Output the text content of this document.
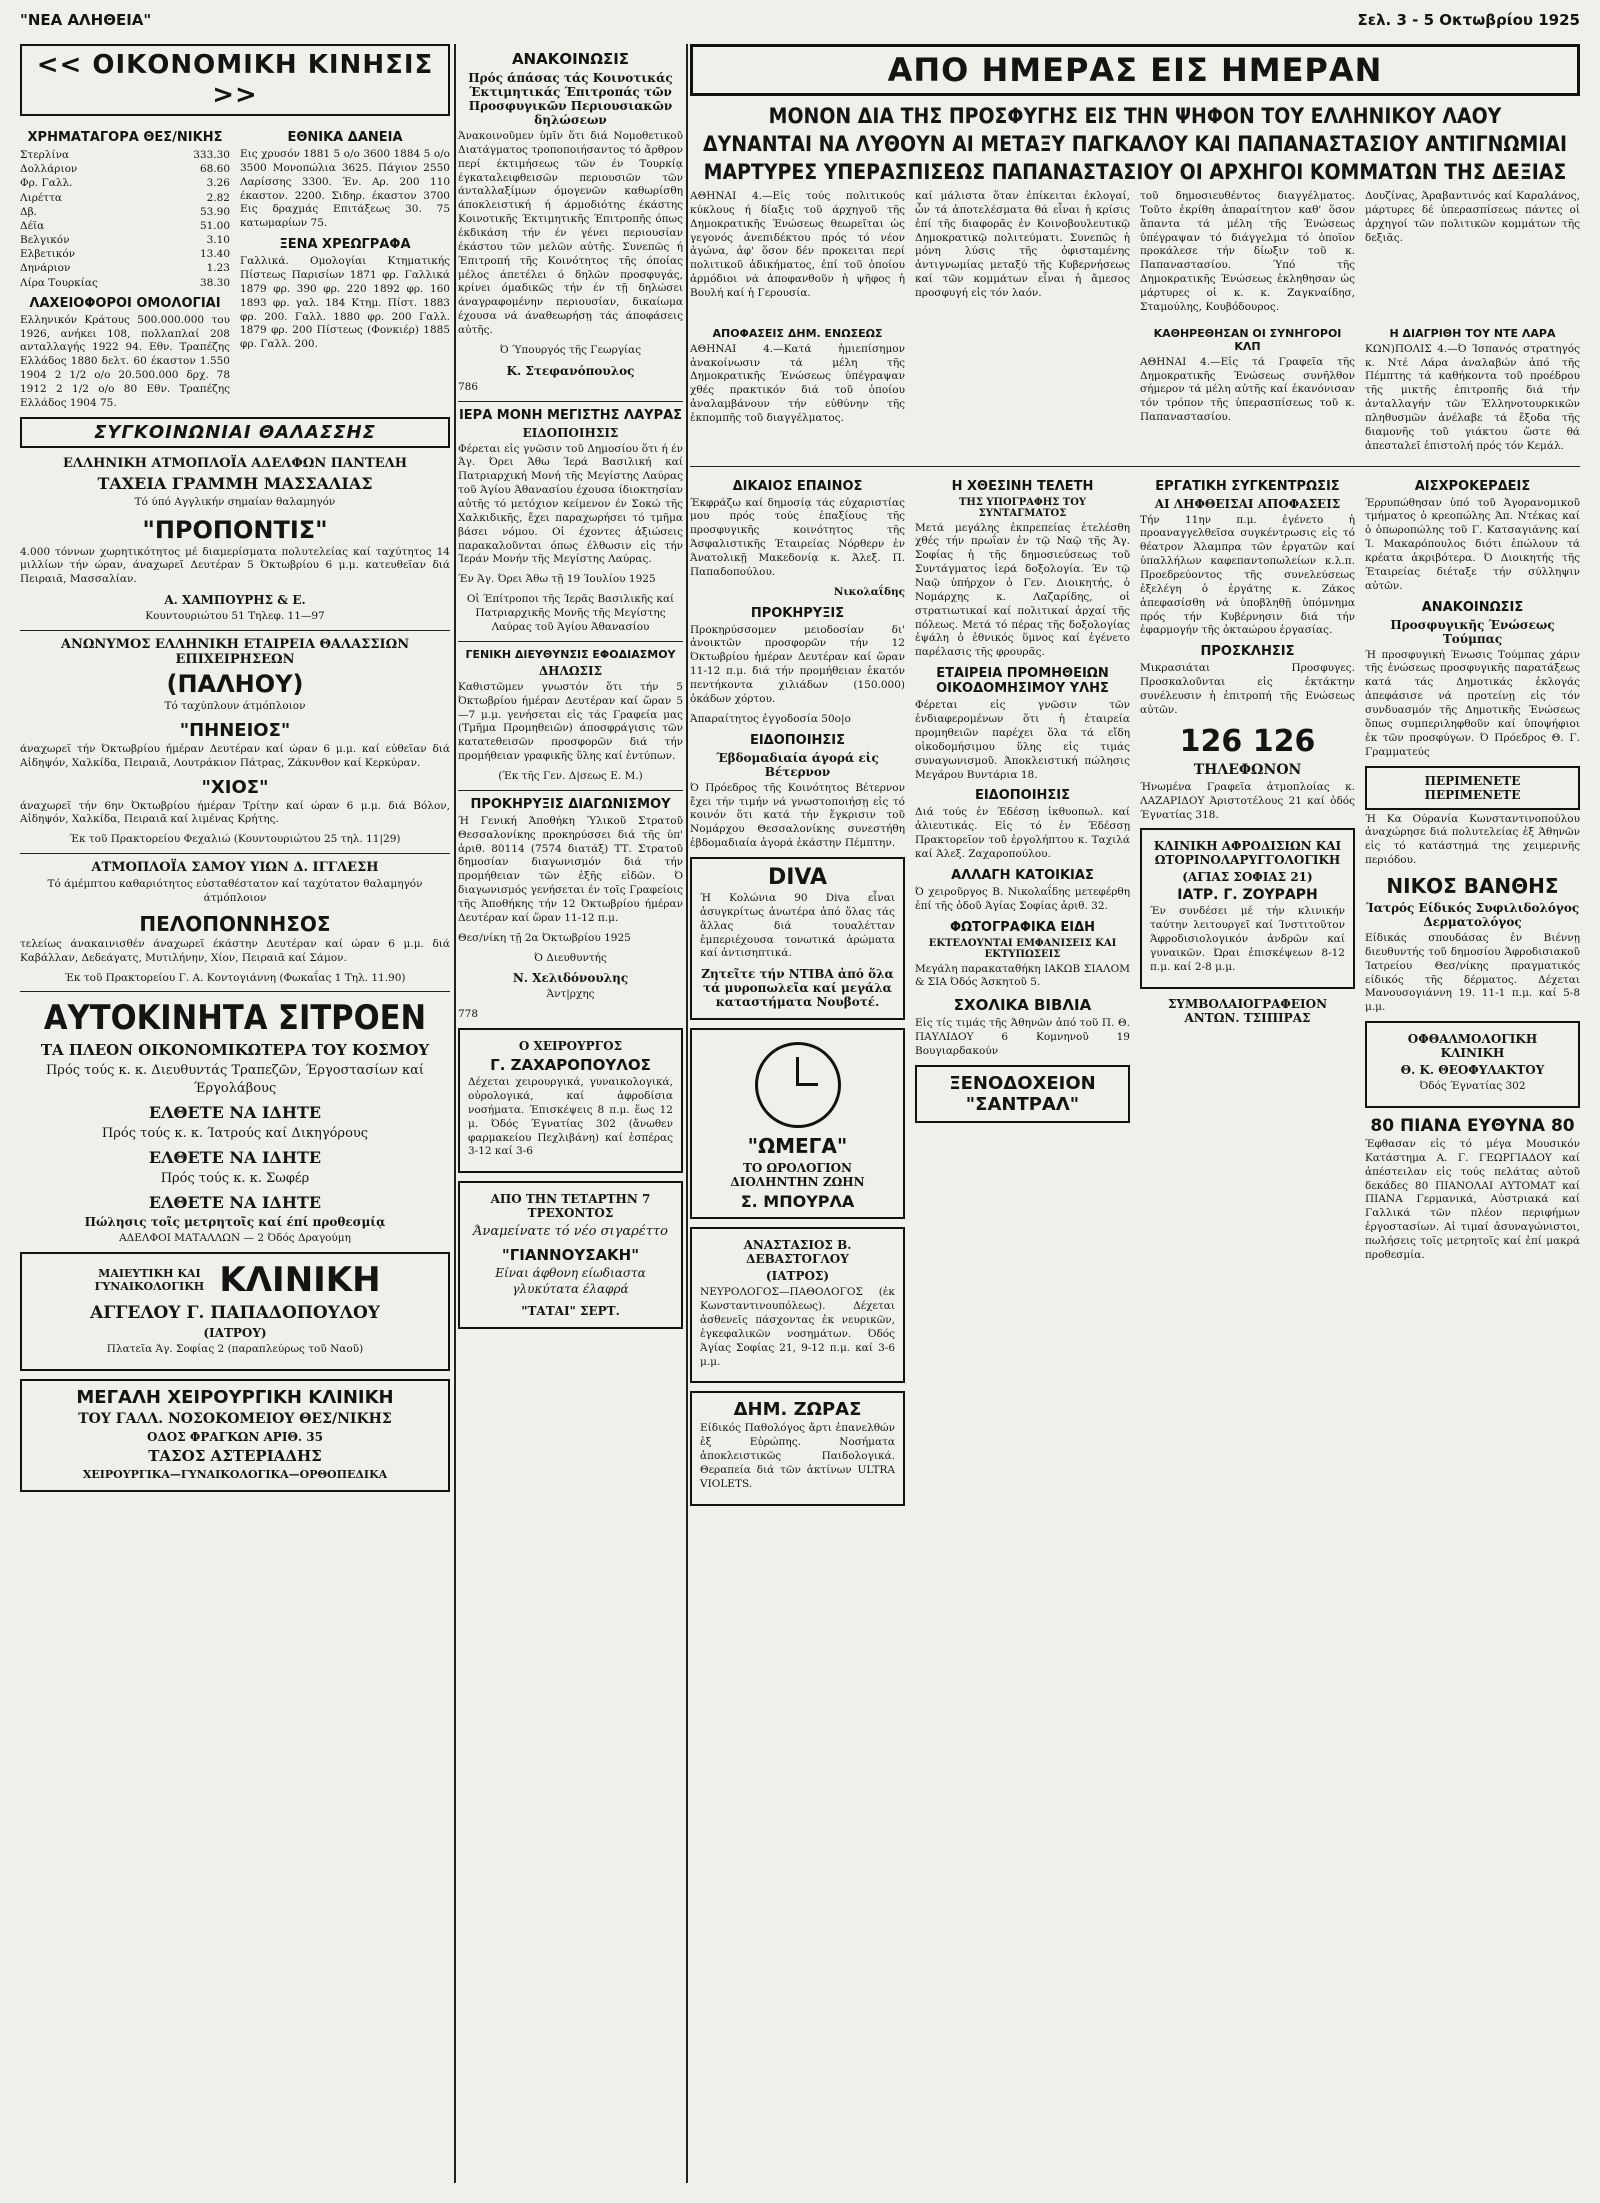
"ΝΕΑ ΑΛΗΘΕΙΑ"	Σελ. 3 - 5 Οκτωβρίου 1925
<< ΟΙΚΟΝΟΜΙΚΗ ΚΙΝΗΣΙΣ >>
ΧΡΗΜΑΤΑΓΟΡΑ ΘΕΣ/ΝΙΚΗΣ
Στερλίνα	333.30
Δολλάριον	68.60
Φρ. Γαλλ.	3.26
Λιρέττα	2.82
Δβ.	53.90
Δέϊα	51.00
Βελγικόν	3.10
Ελβετικόν	13.40
Δηνάριον	1.23
Λίρα Τουρκίας	38.30
ΛΑΧΕΙΟΦΟΡΟΙ ΟΜΟΛΟΓΙΑΙ
Ελληνικόν Κράτους 500.000.000 του 1926, ανήκει 108, πολλαπλαί 208 ανταλλαγής 1922 94. Εθν. Τραπέζης Ελλάδος 1880 δελτ. 60 έκαστον 1.550 1904 2 1/2 ο/ο 20.500.000 δρχ. 78 1912 2 1/2 ο/ο 80 Εθν. Τραπέζης Ελλάδος 1904 75.
ΕΘΝΙΚΑ ΔΑΝΕΙΑ
Εις χρυσόν 1881 5 ο/ο 3600 1884 5 ο/ο 3500 Μονοπώλια 3625. Πάγιον 2550 Λαρίσσης 3300. Έν. Αρ. 200 110 έκαστον. 2200. Σιδηρ. έκαστον 3700 Εις δραχμάς Επιτάξεως 30. 75 κατωμαρίων 75.
ΞΕΝΑ ΧΡΕΩΓΡΑΦΑ
Γαλλικά. Ομολογίαι Κτηματικής Πίστεως Παρισίων 1871 φρ. Γαλλικά 1879 φρ. 390 φρ. 220 1892 φρ. 160 1893 φρ. γαλ. 184 Κτημ. Πίστ. 1883 φρ. 200. Γαλλ. 1880 φρ. 200 Γαλλ. 1879 φρ. 200 Πίστεως (Φονκιέρ) 1885 φρ. Γαλλ. 200.
ΣΥΓΚΟΙΝΩΝΙΑΙ ΘΑΛΑΣΣΗΣ
ΕΛΛΗΝΙΚΗ ΑΤΜΟΠΛΟΪΑ ΑΔΕΛΦΩΝ ΠΑΝΤΕΛΗ
ΤΑΧΕΙΑ ΓΡΑΜΜΗ ΜΑΣΣΑΛΙΑΣ
Τό ύπό Αγγλικήν σημαίαν θαλαμηγόν
"ΠΡΟΠΟΝΤΙΣ"
4.000 τόννων χωρητικότητος μέ διαμερίσματα πολυτελείας καί ταχύτητος 14 μιλλίων τήν ώραν, άναχωρεῖ Δευτέραν 5 Όκτωβρίου 6 μ.μ. κατευθεῖαν διά Πειραιᾶ, Μασσαλίαν.
Α. ΧΑΜΠΟΥΡΗΣ & Ε.
Κουντουριώτου 51 Τηλεφ. 11—97
ΑΝΩΝΥΜΟΣ ΕΛΛΗΝΙΚΗ ΕΤΑΙΡΕΙΑ ΘΑΛΑΣΣΙΩΝ ΕΠΙΧΕΙΡΗΣΕΩΝ
(ΠΑΛΗΟΥ)
Τό ταχύπλουν άτμόπλοιον
"ΠΗΝΕΙΟΣ"
άναχωρεῖ τήν Όκτωβρίου ήμέραν Δευτέραν καί ώραν 6 μ.μ. καί εὐθεῖαν διά Αἰδηψόν, Χαλκίδα, Πειραιᾶ, Λουτράκιον Πάτρας, Ζάκυνθον καί Κερκύραν.
"ΧΙΟΣ"
άναχωρεῖ τήν 6ην Όκτωβρίου ήμέραν Τρίτην καί ώραν 6 μ.μ. διά Βόλον, Αἰδηψόν, Χαλκίδα, Πειραιᾶ καί λιμένας Κρήτης.
Έκ τοῦ Πρακτορείου Φεχαλιώ (Κουντουριώτου 25 τηλ. 11|29)
ΑΤΜΟΠΛΟΪΑ ΣΑΜΟΥ ΥΙΩΝ Δ. ΙΓΓΛΕΣΗ
Τό άμέμπτου καθαριότητος εὐσταθέστατον καί ταχύτατον θαλαμηγόν άτμόπλοιον
ΠΕΛΟΠΟΝΝΗΣΟΣ
τελείως άνακαινισθέν άναχωρεῖ έκάστην Δευτέραν καί ώραν 6 μ.μ. διά Καβάλλαν, Δεδεάγατς, Μυτιλήνην, Χίον, Πειραιᾶ καί Σάμον.
Έκ τοῦ Πρακτορείου Γ. Α. Κοντογιάννη (Φωκαΐας 1 Τηλ. 11.90)
ΑΥΤΟΚΙΝΗΤΑ ΣΙΤΡΟΕΝ
ΤΑ ΠΛΕΟΝ ΟΙΚΟΝΟΜΙΚΩΤΕΡΑ ΤΟΥ ΚΟΣΜΟΥ
Πρός τούς κ. κ. Διευθυντάς Τραπεζῶν, Έργοστασίων καί Έργολάβους
ΕΛΘΕΤΕ ΝΑ ΙΔΗΤΕ
Πρός τούς κ. κ. Ίατρούς καί Δικηγόρους
ΕΛΘΕΤΕ ΝΑ ΙΔΗΤΕ
Πρός τούς κ. κ. Σωφέρ
ΕΛΘΕΤΕ ΝΑ ΙΔΗΤΕ
Πώλησις τοῖς μετρητοῖς καί έπί προθεσμίᾳ
ΑΔΕΛΦΟΙ ΜΑΤΑΛΛΩΝ — 2 Όδός Δραγούμη
ΜΑΙΕΥΤΙΚΗ ΚΑΙ ΓΥΝΑΙΚΟΛΟΓΙΚΗ ΚΛΙΝΙΚΗ
ΑΓΓΕΛΟΥ Γ. ΠΑΠΑΔΟΠΟΥΛΟΥ
(ΙΑΤΡΟΥ)
Πλατεῖα Άγ. Σοφίας 2 (παραπλεύρως τοῦ Ναοῦ)
ΜΕΓΑΛΗ ΧΕΙΡΟΥΡΓΙΚΗ ΚΛΙΝΙΚΗ
ΤΟΥ ΓΑΛΛ. ΝΟΣΟΚΟΜΕΙΟΥ ΘΕΣ/ΝΙΚΗΣ
ΟΔΟΣ ΦΡΑΓΚΩΝ ΑΡΙΘ. 35
ΤΑΣΟΣ ΑΣΤΕΡΙΑΔΗΣ
ΧΕΙΡΟΥΡΓΙΚΑ—ΓΥΝΑΙΚΟΛΟΓΙΚΑ—ΟΡΘΟΠΕΔΙΚΑ
ΑΝΑΚΟΙΝΩΣΙΣ
Πρός άπάσας τάς Κοινοτικάς Έκτιμητικάς Έπιτροπάς τῶν Προσφυγικῶν Περιουσιακῶν δηλώσεων
Άνακοινοῦμεν ὑμῖν ὅτι διά Νομοθετικοῦ Διατάγματος τροποποιήσαντος τό ἄρθρον περί έκτιμήσεως τῶν έν Τουρκίᾳ έγκαταλειφθεισῶν περιουσιῶν τῶν άνταλλαξίμων όμογενῶν καθωρίσθη άποκλειστική ή άρμοδιότης έκάστης Κοινοτικῆς Έκτιμητικῆς Έπιτροπῆς όπως έκδικάση τήν έν γένει περιουσίαν έκάστου τῶν μελῶν αὐτῆς. Συνεπῶς ή Έπιτροπή τῆς Κοινότητος τῆς όποίας μέλος άπετέλει ό δηλῶν προσφυγάς, κρίνει όμαδικῶς τήν έν τῇ δηλώσει άναγραφομένην περιουσίαν, δικαίωμα έχουσα νά άναθεωρήσῃ τάς άποφάσεις αὐτῆς.
Ό Ύπουργός τῆς Γεωργίας
Κ. Στεφανόπουλος
786
ΙΕΡΑ ΜΟΝΗ ΜΕΓΙΣΤΗΣ ΛΑΥΡΑΣ
ΕΙΔΟΠΟΙΗΣΙΣ
Φέρεται εἰς γνῶσιν τοῦ Δημοσίου ὅτι ή έν Άγ. Όρει Άθω Ίερά Βασιλική καί Πατριαρχική Μονή τῆς Μεγίστης Λαύρας τοῦ Άγίου Άθανασίου έχουσα ίδιοκτησίαν αὐτῆς τό μετόχιον κείμενον έν Σοκώ τῆς Χαλκιδικῆς, ἔχει παραχωρήσει τό τμῆμα βάσει νόμου. Οἱ έχοντες ἀξιώσεις παρακαλοῦνται όπως έλθωσιν εἰς τήν Ίεράν Μονήν τῆς Μεγίστης Λαύρας.
Έν Άγ. Όρει Άθω τῇ 19 Ίουλίου 1925
Οἱ Έπίτροποι τῆς Ίερᾶς Βασιλικῆς καί Πατριαρχικῆς Μονῆς τῆς Μεγίστης Λαύρας τοῦ Άγίου Άθανασίου
ΓΕΝΙΚΗ ΔΙΕΥΘΥΝΣΙΣ ΕΦΟΔΙΑΣΜΟΥ
ΔΗΛΩΣΙΣ
Καθιστῶμεν γνωστόν ὅτι τήν 5 Όκτωβρίου ήμέραν Δευτέραν καί ὥραν 5—7 μ.μ. γενήσεται εἰς τάς Γραφεία μας (Τμῆμα Προμηθειῶν) άποσφράγισις τῶν κατατεθεισῶν προσφορῶν διά τήν προμήθειαν γραφικῆς ὕλης καί ἐντύπων.
(Έκ τῆς Γεν. Δ|σεως Ε. Μ.)
ΠΡΟΚΗΡΥΞΙΣ ΔΙΑΓΩΝΙΣΜΟΥ
Ή Γενική Άποθήκη Ύλικοῦ Στρατοῦ Θεσσαλονίκης προκηρύσσει διά τῆς ὑπ' ἀριθ. 80114 (7574 διατάξ) ΤΤ. Στρατοῦ δημοσίαν διαγωνισμόν διά τήν προμήθειαν τῶν ἑξῆς εἰδῶν. Ό διαγωνισμός γενήσεται έν τοῖς Γραφείοις τῆς Άποθήκης τήν 12 Όκτωβρίου ήμέραν Δευτέραν καί ὥραν 11-12 π.μ.
Θεσ/νίκη τῇ 2α Όκτωβρίου 1925
Ό Διευθυντής
Ν. Χελιδόνουλης
Άντ|ρχης
778
Ο ΧΕΙΡΟΥΡΓΟΣ
Γ. ΖΑΧΑΡΟΠΟΥΛΟΣ
Δέχεται χειρουργικά, γυναικολογικά, οὐρολογικά, καί ἀφροδίσια νοσήματα. Έπισκέψεις 8 π.μ. ἕως 12 μ. Όδός Έγνατίας 302 (ἄνωθεν φαρμακείου Πεχλιβάνη) καί ἑσπέρας 3-12 καί 3-6
ΑΠΟ ΤΗΝ ΤΕΤΑΡΤΗΝ 7 ΤΡΕΧΟΝΤΟΣ
Άναμείνατε τό νέο σιγαρέττο
"ΓΙΑΝΝΟΥΣΑΚΗ"
Είναι άφθονη είωδιαστα γλυκύτατα έλαφρά
"ΤΑΤΑΙ" ΣΕΡΤ.
ΑΠΟ ΗΜΕΡΑΣ ΕΙΣ ΗΜΕΡΑΝ
ΜΟΝΟΝ ΔΙΑ ΤΗΣ ΠΡΟΣΦΥΓΗΣ ΕΙΣ ΤΗΝ ΨΗΦΟΝ ΤΟΥ ΕΛΛΗΝΙΚΟΥ ΛΑΟΥ
ΔΥΝΑΝΤΑΙ ΝΑ ΛΥΘΟΥΝ ΑΙ ΜΕΤΑΞΥ ΠΑΓΚΑΛΟΥ ΚΑΙ ΠΑΠΑΝΑΣΤΑΣΙΟΥ ΑΝΤΙΓΝΩΜΙΑΙ
ΜΑΡΤΥΡΕΣ ΥΠΕΡΑΣΠΙΣΕΩΣ ΠΑΠΑΝΑΣΤΑΣΙΟΥ ΟΙ ΑΡΧΗΓΟΙ ΚΟΜΜΑΤΩΝ ΤΗΣ ΔΕΞΙΑΣ
ΑΘΗΝΑΙ 4.—Εἰς τούς πολιτικούς κύκλους ή δίαξις τοῦ άρχηγοῦ τῆς Δημοκρατικῆς Ένώσεως θεωρεῖται ὡς γεγονός ἀνεπιδέκτου πρός τό νέον ἀγώνα, ἀφ' ὅσον δέν προκειται περί πολιτικοῦ ἀδικήματος, ἐπί τοῦ ὁποίου ἀρμόδιοι νά ἀποφανθοῦν ἡ ψῆφος ἡ Βουλή καί ἡ Γερουσία.
καί μάλιστα ὅταν ἐπίκειται ἐκλογαί, ὧν τά ἀποτελέσματα θά εἶναι ἡ κρίσις ἐπί τῆς διαφορᾶς ἐν Κοινοβουλευτικῷ Δημοκρατικῷ πολιτεύματι. Συνεπῶς ἡ μόνη λύσις τῆς ὀφισταμένης ἀντιγνωμίας μεταξύ τῆς Κυβερνήσεως καί τῶν κομμάτων εἶναι ἡ ἄμεσος προσφυγή εἰς τόν λαόν.
τοῦ δημοσιευθέντος διαγγέλματος. Τοῦτο ἐκρίθη ἀπαραίτητον καθ' ὅσον ἅπαντα τά μέλη τῆς Ένώσεως ὑπέγραψαν τό διάγγελμα τό ὁποῖον προκάλεσε τήν δίωξιν τοῦ κ. Παπαναστασίου. Ύπό τῆς Δημοκρατικῆς Ένώσεως ἐκληθησαν ὡς μάρτυρες οἱ κ. κ. Ζαγκναίδησ, Σταμούλης, Κουβόδουρος.
Δουζίνας, Άραβαντινός καί Καραλάνος, μάρτυρες δέ ὑπερασπίσεως πάντες οἱ ἀρχηγοί τῶν πολιτικῶν κομμάτων τῆς δεξιᾶς.
ΑΠΟΦΑΣΕΙΣ ΔΗΜ. ΕΝΩΣΕΩΣ
ΑΘΗΝΑΙ 4.—Κατά ἡμιεπίσημον ἀνακοίνωσιν τά μέλη τῆς Δημοκρατικῆς Ένώσεως ὑπέγραψαν χθές πρακτικόν διά τοῦ ὁποίου ἀναλαμβάνουν τήν εὐθύνην τῆς ἐκπομπῆς τοῦ διαγγέλματος.
ΚΑΘΗΡΕΘΗΣΑΝ ΟΙ ΣΥΝΗΓΟΡΟΙ ΚΛΠ
ΑΘΗΝΑΙ 4.—Εἰς τά Γραφεῖα τῆς Δημοκρατικῆς Ένώσεως συνῆλθον σήμερον τά μέλη αὐτῆς καί ἐκανόνισαν τόν τρόπον τῆς ὑπερασπίσεως τοῦ κ. Παπαναστασίου.
Η ΔΙΑΓΡΙΘΗ ΤΟΥ ΝΤΕ ΛΑΡΑ
ΚΩΝ)ΠΟΛΙΣ 4.—Ό Ίσπανός στρατηγός κ. Ντέ Λάρα ἀναλαβών ἀπό τῆς Πέμπτης τά καθήκοντα τοῦ προέδρου τῆς μικτῆς ἐπιτροπῆς διά τήν ἀνταλλαγήν τῶν Έλληνοτουρκικῶν πληθυσμῶν ἀνέλαβε τά ἔξοδα τῆς διαμονῆς τοῦ γιάκτου ὥστε θά ἀπεσταλεῖ ἐπιστολή πρός τόν Κεμάλ.
ΔΙΚΑΙΟΣ ΕΠΑΙΝΟΣ
Έκφράζω καί δημοσίᾳ τάς εὐχαριστίας μου πρός τούς ἐπαξίους τῆς προσφυγικῆς κοινότητος τῆς Άσφαλιστικῆς Έταιρείας Νόρθερν ἐν Άνατολικῇ Μακεδονίᾳ κ. Άλεξ. Π. Παπαδοπούλου.
Νικολαΐδης
ΠΡΟΚΗΡΥΞΙΣ
Προκηρύσσομεν μειοδοσίαν δι' ἀνοικτῶν προσφορῶν τήν 12 Όκτωβρίου ἡμέραν Δευτέραν καί ὥραν 11-12 π.μ. διά τήν προμήθειαν ἑκατόν πεντήκοντα χιλιάδων (150.000) ὀκάδων χόρτου.
Άπαραίτητος ἐγγοδοσία 50ο|ο
ΕΙΔΟΠΟΙΗΣΙΣ
Έβδομαδιαία άγορά εἰς Βέτερνον
Ό Πρόεδρος τῆς Κοινότητος Βέτερνον ἔχει τήν τιμήν νά γνωστοποιήσῃ εἰς τό κοινόν ὅτι κατά τήν ἔγκρισιν τοῦ Νομάρχου Θεσσαλονίκης συνεστήθη ἑβδομαδιαία ἀγορά ἐκάστην Πέμπτην.
DIVA
Ή Κολώνια 90 Diva εἶναι ἀσυγκρίτως ἀνωτέρα ἀπό ὅλας τάς ἄλλας διά τουαλέτταν ἐμπεριέχουσα τονωτικά ἀρώματα καί ἀντισηπτικά.
Ζητεῖτε τήν ΝΤΙΒΑ ἀπό ὅλα τά μυροπωλεῖα καί μεγάλα καταστήματα Νουβοτέ.
"ΩΜΕΓΑ"
ΤΟ ΩΡΟΛΟΓΙΟΝ ΔΙΟΛΗΝΤΗΝ ΖΩΗΝ
Σ. ΜΠΟΥΡΛΑ
ΑΝΑΣΤΑΣΙΟΣ Β. ΔΕΒΑΣΤΟΓΛΟΥ
(ΙΑΤΡΟΣ)
ΝΕΥΡΟΛΟΓΟΣ—ΠΑΘΟΛΟΓΟΣ (ἐκ Κωνσταντινουπόλεως). Δέχεται ἀσθενεῖς πάσχοντας ἐκ νευρικῶν, ἐγκεφαλικῶν νοσημάτων. Όδός Άγίας Σοφίας 21, 9-12 π.μ. καί 3-6 μ.μ.
ΔΗΜ. ΖΩΡΑΣ
Είδικός Παθολόγος ἄρτι ἐπανελθών ἐξ Εὐρώπης. Νοσήματα ἀποκλειστικῶς Παιδολογικά. Θεραπεία διά τῶν ἀκτίνων ULTRA VIOLETS.
Η ΧΘΕΣΙΝΗ ΤΕΛΕΤΗ
ΤΗΣ ΥΠΟΓΡΑΦΗΣ ΤΟΥ ΣΥΝΤΑΓΜΑΤΟΣ
Μετά μεγάλης ἐκπρεπείας ἐτελέσθη χθές τήν πρωΐαν ἐν τῷ Ναῷ τῆς Άγ. Σοφίας ἡ τῆς δημοσιεύσεως τοῦ Συντάγματος ἱερά δοξολογία. Έν τῷ Ναῷ ὑπήρχον ὁ Γεν. Διοικητής, ὁ Νομάρχης κ. Λαζαρίδης, οἱ στρατιωτικαί καί πολιτικαί ἀρχαί τῆς πόλεως. Μετά τό πέρας τῆς δοξολογίας ἐψάλη ὁ ἐθνικός ὕμνος καί ἐγένετο παρέλασις τῆς φρουρᾶς.
ΕΤΑΙΡΕΙΑ ΠΡΟΜΗΘΕΙΩΝ ΟΙΚΟΔΟΜΗΣΙΜΟΥ ΥΛΗΣ
Φέρεται εἰς γνῶσιν τῶν ἐνδιαφερομένων ὅτι ἡ ἐταιρεία προμηθειῶν παρέχει ὅλα τά εἴδη οἰκοδομήσιμου ὕλης εἰς τιμάς συναγωνισμοῦ. Άποκλειστική πώλησις Μεγάρου Βυντάρια 18.
ΕΙΔΟΠΟΙΗΣΙΣ
Διά τούς ἐν Έδέσσῃ ἰκθυοπωλ. καί ἀλιευτικάς. Εἰς τό ἐν Έδέσσῃ Πρακτορεῖον τοῦ ἐργολήπτου κ. Ταχιλά καί Άλεξ. Ζαχαροπούλου.
ΑΛΛΑΓΗ ΚΑΤΟΙΚΙΑΣ
Ό χειροῦργος Β. Νικολαΐδης μετεφέρθη ἐπί τῆς ὁδοῦ Άγίας Σοφίας ἀριθ. 32.
ΦΩΤΟΓΡΑΦΙΚΑ ΕΙΔΗ
ΕΚΤΕΛΟΥΝΤΑΙ ΕΜΦΑΝΙΣΕΙΣ ΚΑΙ ΕΚΤΥΠΩΣΕΙΣ
Μεγάλη παρακαταθήκη ΙΑΚΩΒ ΣΙΑΛΟΜ & ΣΙΑ Όδός Άσκητοῦ 5.
ΣΧΟΛΙΚΑ ΒΙΒΛΙΑ
Εἰς τίς τιμάς τῆς Άθηνῶν ἀπό τοῦ Π. Θ. ΠΑΥΛΙΔΟΥ 6 Κομνηνοῦ 19 Βουγιαρδακούν
ΞΕΝΟΔΟΧΕΙΟΝ "ΣΑΝΤΡΑΛ"
ΕΡΓΑΤΙΚΗ ΣΥΓΚΕΝΤΡΩΣΙΣ
ΑΙ ΛΗΦΘΕΙΣΑΙ ΑΠΟΦΑΣΕΙΣ
Τήν 11ην π.μ. ἐγένετο ἡ προαναγγελθεῖσα συγκέντρωσις εἰς τό θέατρον Άλαμπρα τῶν ἐργατῶν καί ὑπαλλήλων καφεπαντοπωλείων κ.λ.π. Προεδρεύοντος τῆς συνελεύσεως ἐξελέγη ὁ ἐργάτης κ. Ζάκος ἀπεφασίσθη νά ὑποβληθῇ ὑπόμνημα πρός τήν Κυβέρνησιν διά τήν ἐφαρμογήν τῆς ὀκταώρου ἐργασίας.
ΠΡΟΣΚΛΗΣΙΣ
Μικρασιάται Προσφυγες. Προσκαλοῦνται εἰς ἐκτάκτην συνέλευσιν ἡ ἐπιτροπή τῆς Ενώσεως αὐτῶν.
126 126
ΤΗΛΕΦΩΝΟΝ
Ήνωμένα Γραφεῖα ἀτμοπλοίας κ. ΛΑΖΑΡΙΔΟΥ Άριστοτέλους 21 καί ὁδός Έγνατίας 318.
ΚΛΙΝΙΚΗ ΑΦΡΟΔΙΣΙΩΝ ΚΑΙ ΩΤΟΡΙΝΟΛΑΡΥΓΓΟΛΟΓΙΚΗ
(ΑΓΙΑΣ ΣΟΦΙΑΣ 21)
ΙΑΤΡ. Γ. ΖΟΥΡΑΡΗ
Έν συνδέσει μέ τήν κλινικήν ταύτην λειτουργεῖ καί Ίνστιτοῦτον Άφροδισιολογικόν ἀνδρῶν καί γυναικῶν. Ώραι ἐπισκέψεων 8-12 π.μ. καί 2-8 μ.μ.
ΣΥΜΒΟΛΑΙΟΓΡΑΦΕΙΟΝ ΑΝΤΩΝ. ΤΣΙΠΙΡΑΣ
ΑΙΣΧΡΟΚΕΡΔΕΙΣ
Έρρυπώθησαν ὑπό τοῦ Άγορανομικοῦ τμήματος ὁ κρεοπώλης Άπ. Ντέκας καί ὁ ὁπωροπώλης τοῦ Γ. Κατσαγιάνης καί Ί. Μακαρόπουλος διότι ἐπώλουν τά κρέατα ἀκριβότερα. Ό Διοικητής τῆς Έταιρείας διέταξε τήν σύλληψιν αὐτῶν.
ΑΝΑΚΟΙΝΩΣΙΣ
Προσφυγικῆς Ένώσεως Τούμπας
Ή προσφυγική Ένωσις Τούμπας χάριν τῆς ἐνώσεως προσφυγικῆς παρατάξεως κατά τάς Δημοτικάς ἐκλογάς ἀπεφάσισε νά προτείνῃ εἰς τόν συνδυασμόν τῆς Δημοτικῆς Ένώσεως ὅπως συμπεριληφθοῦν καί ὑποψήφιοι ἐκ τῶν προσφύγων. Ό Πρόεδρος Θ. Γ. Γραμματεύς
ΠΕΡΙΜΕΝΕΤΕ ΠΕΡΙΜΕΝΕΤΕ
Ή Κα Ούρανία Κωνσταντινοπούλου ἀναχώρησε διά πολυτελείας ἐξ Άθηνῶν εἰς τό κατάστημά της χειμερινῆς περιόδου.
ΝΙΚΟΣ ΒΑΝΘΗΣ
Ίατρός Είδικός Συφιλιδολόγος Δερματολόγος
Είδικάς σπουδάσας ἐν Βιέννῃ διευθυντής τοῦ δημοσίου Άφροδισιακοῦ Ίατρείου Θεσ/νίκης πραγματικός είδικός τῆς δέρματος. Δέχεται Μανουσογιάννη 19. 11-1 π.μ. καί 5-8 μ.μ.
ΟΦΘΑΛΜΟΛΟΓΙΚΗ ΚΛΙΝΙΚΗ
Θ. Κ. ΘΕΟΦΥΛΑΚΤΟΥ
Όδός Έγνατίας 302
80 ΠΙΑΝΑ ΕΥΘΥΝΑ 80
Έφθασαν εἰς τό μέγα Μουσικόν Κατάστημα Α. Γ. ΓΕΩΡΓΙΑΔΟΥ καί ἀπέστειλαν εἰς τούς πελάτας αὐτοῦ δεκάδες 80 ΠΙΑΝΟΛΑΙ ΑΥΤΟΜΑΤ καί ΠΙΑΝΑ Γερμανικά, Αὐστριακά καί Γαλλικά τῶν πλέον περιφήμων ἐργοστασίων. Αἱ τιμαί ἀσυναγώνιστοι, πωλήσεις τοῖς μετρητοῖς καί ἐπί μακρά προθεσμία.
